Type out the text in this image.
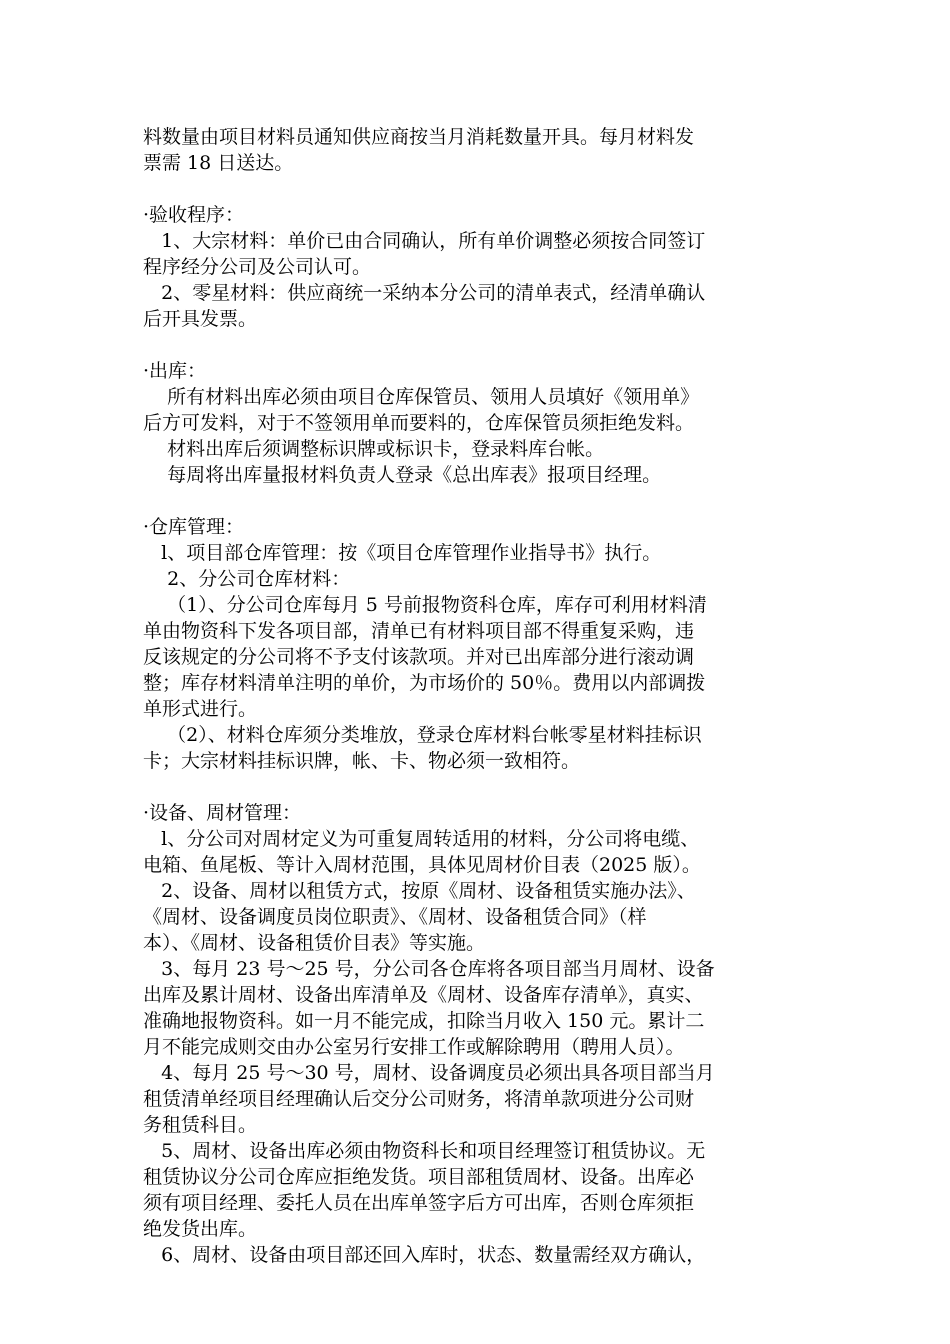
料数量由项目材料员通知供应商按当月消耗数量开具。每月材料发
票需 18 日送达。
·验收程序：
1、大宗材料：单价已由合同确认，所有单价调整必须按合同签订
程序经分公司及公司认可。
2、零星材料：供应商统一采纳本分公司的清单表式，经清单确认
后开具发票。
·出库：
所有材料出库必须由项目仓库保管员、领用人员填好《领用单》
后方可发料，对于不签领用单而要料的，仓库保管员须拒绝发料。
材料出库后须调整标识牌或标识卡，登录料库台帐。
每周将出库量报材料负责人登录《总出库表》报项目经理。
·仓库管理：
l、项目部仓库管理：按《项目仓库管理作业指导书》执行。
2、分公司仓库材料：
（1）、分公司仓库每月 5 号前报物资科仓库，库存可利用材料清
单由物资科下发各项目部，清单已有材料项目部不得重复采购，违
反该规定的分公司将不予支付该款项。并对已出库部分进行滚动调
整；库存材料清单注明的单价，为市场价的 50％。费用以内部调拨
单形式进行。
（2）、材料仓库须分类堆放，登录仓库材料台帐零星材料挂标识
卡；大宗材料挂标识牌，帐、卡、物必须一致相符。
·设备、周材管理：
l、分公司对周材定义为可重复周转适用的材料，分公司将电缆、
电箱、鱼尾板、等计入周材范围，具体见周材价目表（2025 版）。
2、设备、周材以租赁方式，按原《周材、设备租赁实施办法》、
《周材、设备调度员岗位职责》、《周材、设备租赁合同》（样
本）、《周材、设备租赁价目表》等实施。
3、每月 23 号～25 号，分公司各仓库将各项目部当月周材、设备
出库及累计周材、设备出库清单及《周材、设备库存清单》，真实、
准确地报物资科。如一月不能完成，扣除当月收入 150 元。累计二
月不能完成则交由办公室另行安排工作或解除聘用（聘用人员）。
4、每月 25 号～30 号，周材、设备调度员必须出具各项目部当月
租赁清单经项目经理确认后交分公司财务，将清单款项进分公司财
务租赁科目。
5、周材、设备出库必须由物资科长和项目经理签订租赁协议。无
租赁协议分公司仓库应拒绝发货。项目部租赁周材、设备。出库必
须有项目经理、委托人员在出库单签字后方可出库，否则仓库须拒
绝发货出库。
6、周材、设备由项目部还回入库时，状态、数量需经双方确认，
